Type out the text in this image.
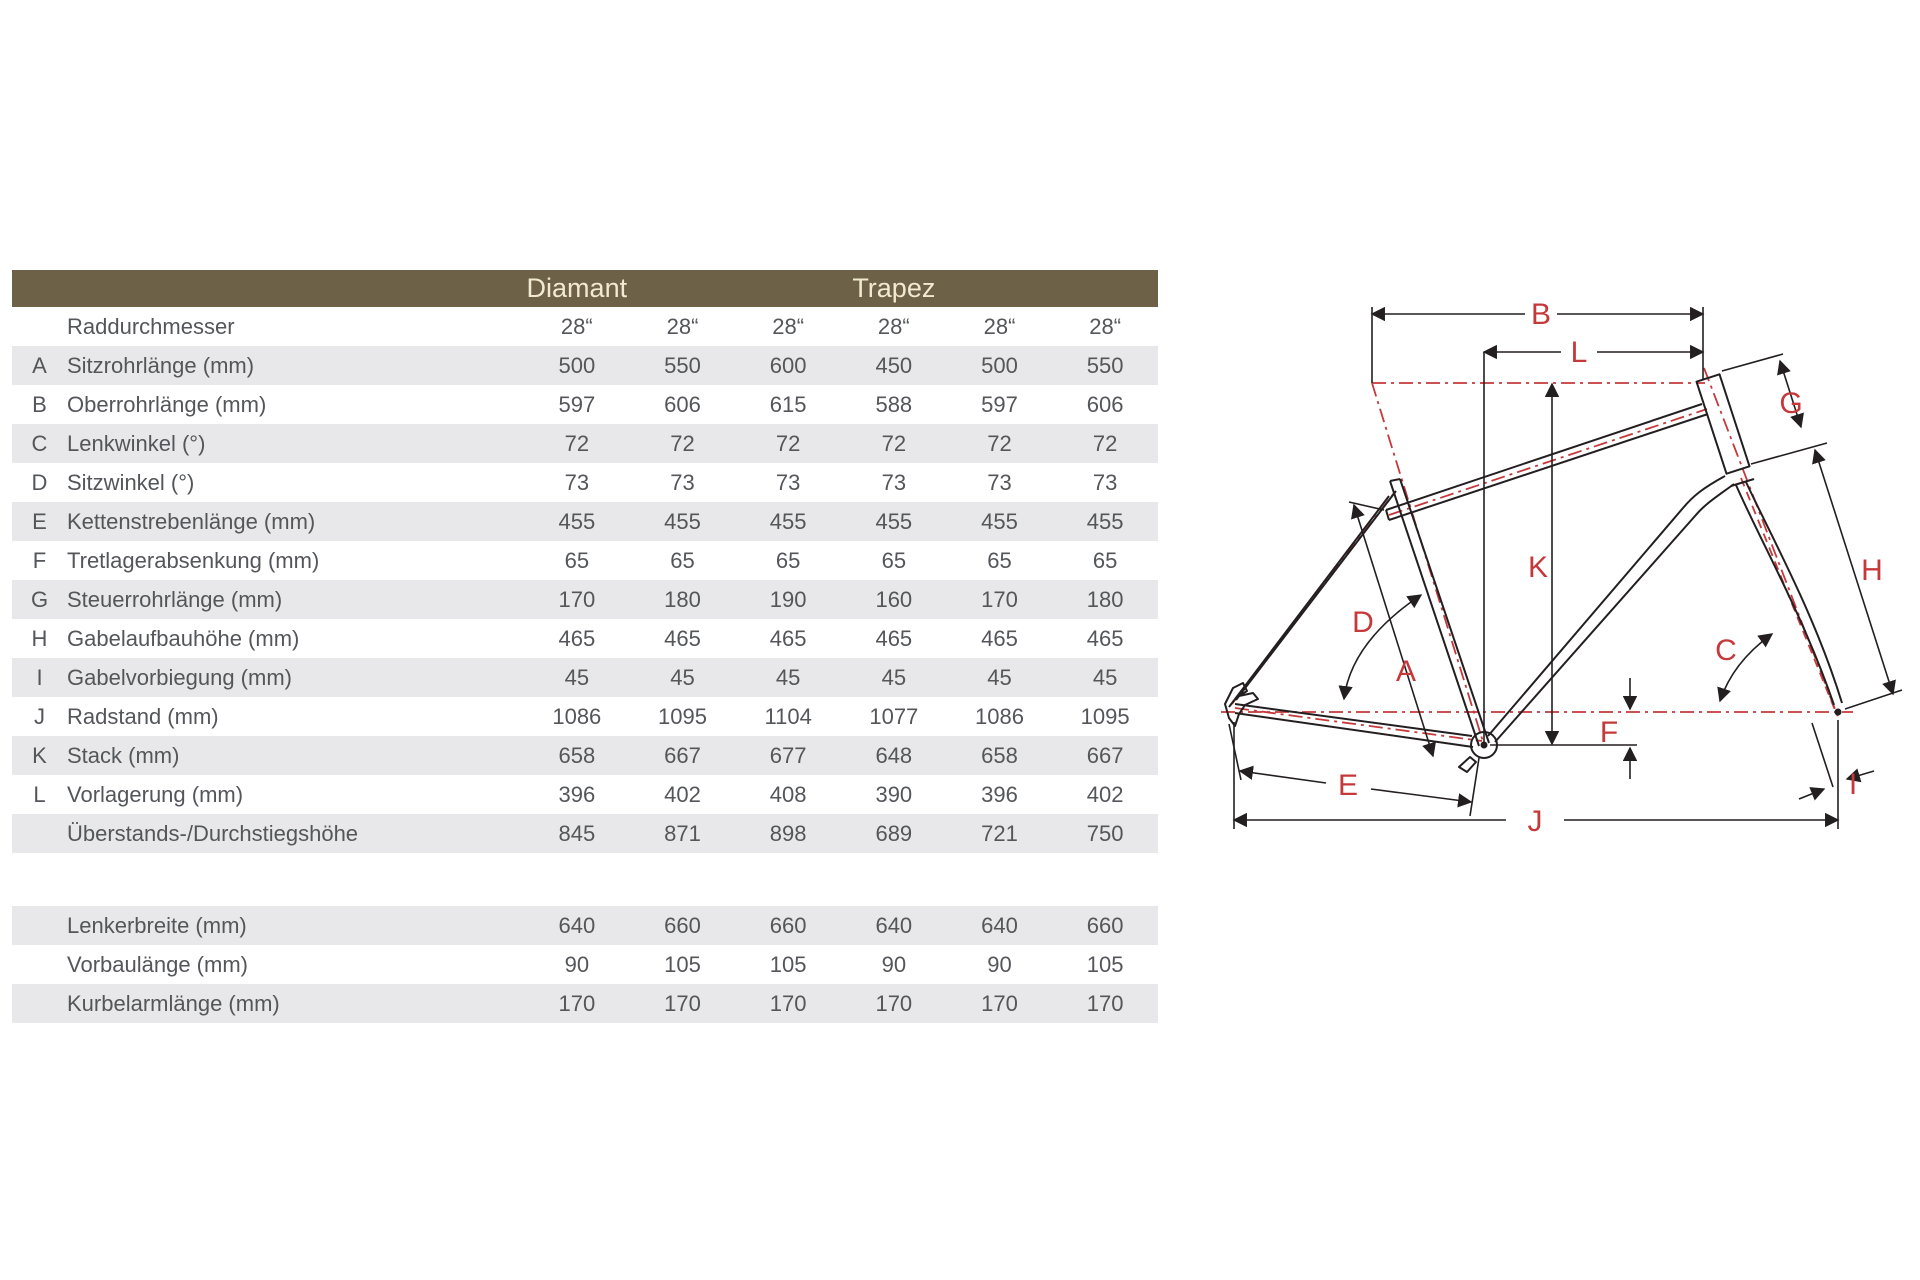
Diamant	Trapez
Raddurchmesser	28“	28“	28“	28“	28“	28“
A Sitzrohrlänge (mm)	500	550	600	450	500	550
B Oberrohrlänge (mm)	597	606	615	588	597	606
C Lenkwinkel (°)	72	72	72	72	72	72
D Sitzwinkel (°)	73	73	73	73	73	73
E Kettenstrebenlänge (mm)	455	455	455	455	455	455
F Tretlagerabsenkung (mm)	65	65	65	65	65	65
G Steuerrohrlänge (mm)	170	180	190	160	170	180
H Gabelaufbauhöhe (mm)	465	465	465	465	465	465
I	Gabelvorbiegung (mm)	45	45	45	45	45	45
J	Radstand (mm)	1086	1095	1104	1077	1086	1095
K Stack (mm)	658	667	677	648	658	667
L Vorlagerung (mm)	396	402	408	390	396	402
Überstands-/Durchstiegshöhe	845	871	898	689	721	750
Lenkerbreite (mm)	640	660	660	640	640	660
Vorbaulänge (mm)	90	105	105	90	90	105
Kurbelarmlänge (mm)	170	170	170	170	170	170
B
L
G
H
K
C
D
A
F
E
J
I
